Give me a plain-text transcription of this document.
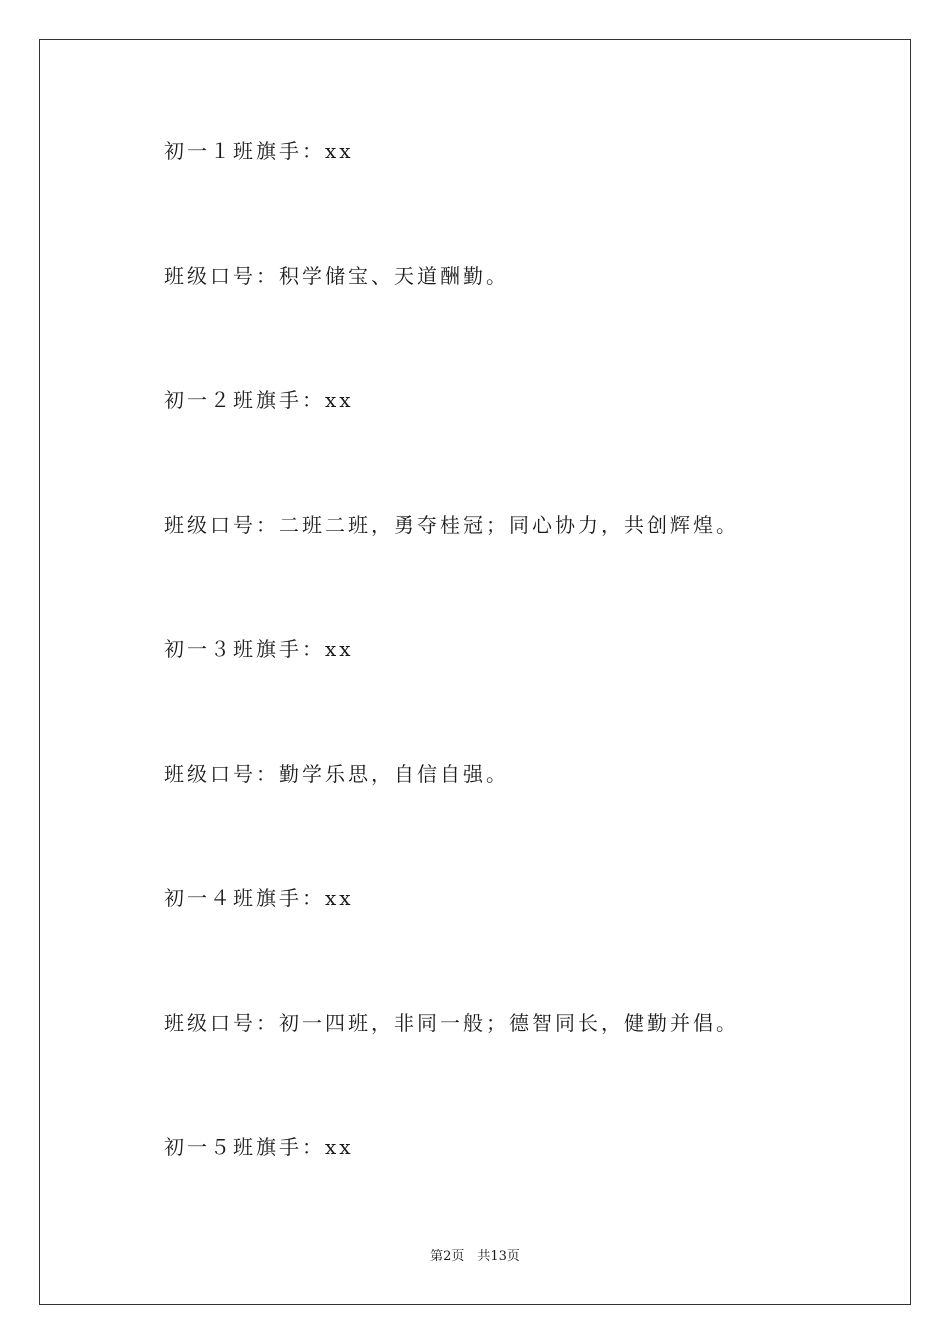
初一１班旗手：xx
班级口号：积学储宝、天道酬勤。
初一２班旗手：xx
班级口号：二班二班，勇夺桂冠；同心协力，共创辉煌。
初一３班旗手：xx
班级口号：勤学乐思，自信自强。
初一４班旗手：xx
班级口号：初一四班，非同一般；德智同长，健勤并倡。
初一５班旗手：xx
第2页　共13页
